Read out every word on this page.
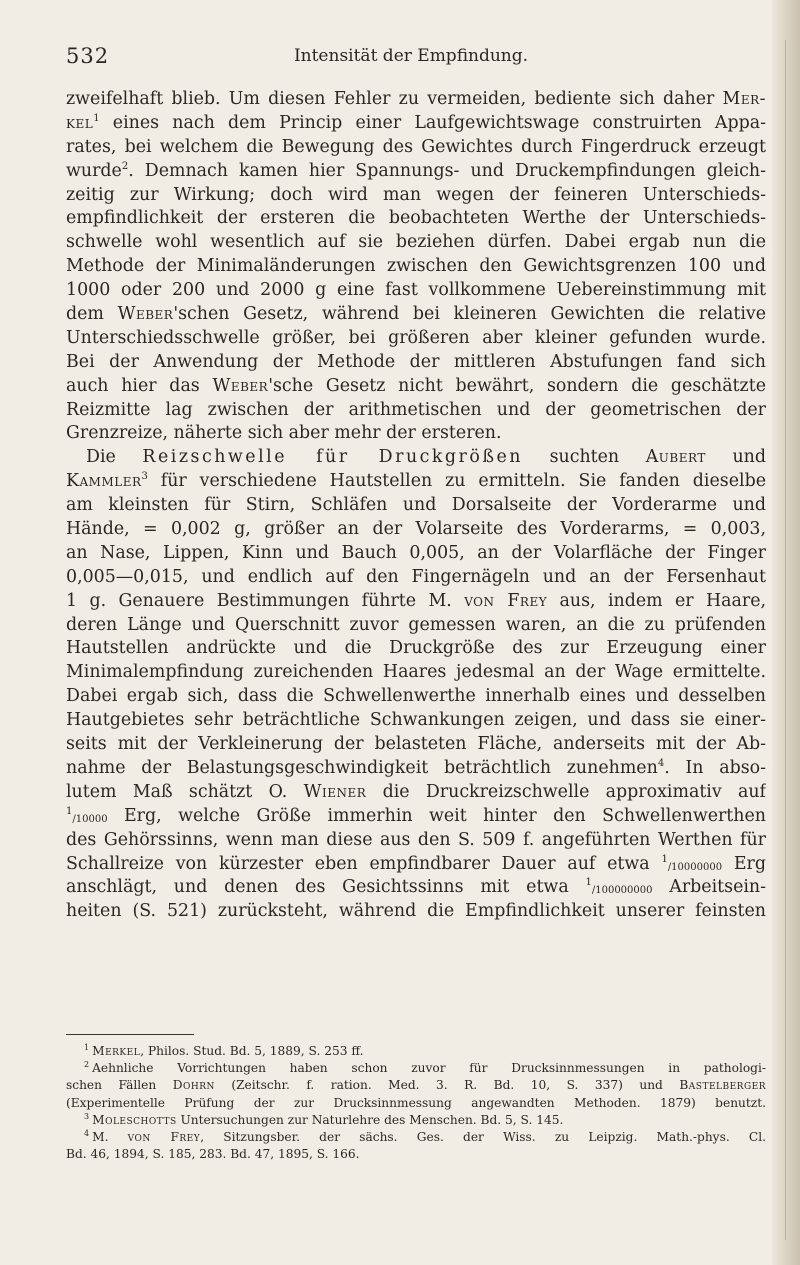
532	Intensität der Empfindung.
zweifelhaft blieb. Um diesen Fehler zu vermeiden, bediente sich daher Mer-
kel$^1$ eines nach dem Princip einer Laufgewichtswage construirten Appa-
rates, bei welchem die Bewegung des Gewichtes durch Fingerdruck erzeugt
wurde$^2$. Demnach kamen hier Spannungs- und Druckempfindungen gleich-
zeitig zur Wirkung; doch wird man wegen der feineren Unterschieds-
empfindlichkeit der ersteren die beobachteten Werthe der Unterschieds-
schwelle wohl wesentlich auf sie beziehen dürfen. Dabei ergab nun die
Methode der Minimaländerungen zwischen den Gewichtsgrenzen 100 und
1000 oder 200 und 2000 g eine fast vollkommene Uebereinstimmung mit
dem Weber'schen Gesetz, während bei kleineren Gewichten die relative
Unterschiedsschwelle größer, bei größeren aber kleiner gefunden wurde.
Bei der Anwendung der Methode der mittleren Abstufungen fand sich
auch hier das Weber'sche Gesetz nicht bewährt, sondern die geschätzte
Reizmitte lag zwischen der arithmetischen und der geometrischen der
Grenzreize, näherte sich aber mehr der ersteren.
Die Reizschwelle für Druckgrößen suchten Aubert und
Kammler$^3$ für verschiedene Hautstellen zu ermitteln. Sie fanden dieselbe
am kleinsten für Stirn, Schläfen und Dorsalseite der Vorderarme und
Hände, = 0,002 g, größer an der Volarseite des Vorderarms, = 0,003,
an Nase, Lippen, Kinn und Bauch 0,005, an der Volarfläche der Finger
0,005—0,015, und endlich auf den Fingernägeln und an der Fersenhaut
1 g. Genauere Bestimmungen führte M. von Frey aus, indem er Haare,
deren Länge und Querschnitt zuvor gemessen waren, an die zu prüfenden
Hautstellen andrückte und die Druckgröße des zur Erzeugung einer
Minimalempfindung zureichenden Haares jedesmal an der Wage ermittelte.
Dabei ergab sich, dass die Schwellenwerthe innerhalb eines und desselben
Hautgebietes sehr beträchtliche Schwankungen zeigen, und dass sie einer-
seits mit der Verkleinerung der belasteten Fläche, anderseits mit der Ab-
nahme der Belastungsgeschwindigkeit beträchtlich zunehmen$^4$. In abso-
lutem Maß schätzt O. Wiener die Druckreizschwelle approximativ auf
$^1$/10000 Erg, welche Größe immerhin weit hinter den Schwellenwerthen
des Gehörssinns, wenn man diese aus den S. 509 f. angeführten Werthen für
Schallreize von kürzester eben empfindbarer Dauer auf etwa $^1$/10000000 Erg
anschlägt, und denen des Gesichtssinns mit etwa $^1$/100000000 Arbeitsein-
heiten (S. 521) zurücksteht, während die Empfindlichkeit unserer feinsten
$^1$ Merkel, Philos. Stud. Bd. 5, 1889, S. 253 ff.
$^2$ Aehnliche Vorrichtungen haben schon zuvor für Drucksinnmessungen in pathologi-
schen Fällen Dohrn (Zeitschr. f. ration. Med. 3. R. Bd. 10, S. 337) und Bastelberger
(Experimentelle Prüfung der zur Drucksinnmessung angewandten Methoden. 1879) benutzt.
$^3$ Moleschotts Untersuchungen zur Naturlehre des Menschen. Bd. 5, S. 145.
$^4$ M. von Frey, Sitzungsber. der sächs. Ges. der Wiss. zu Leipzig. Math.-phys. Cl.
Bd. 46, 1894, S. 185, 283. Bd. 47, 1895, S. 166.
